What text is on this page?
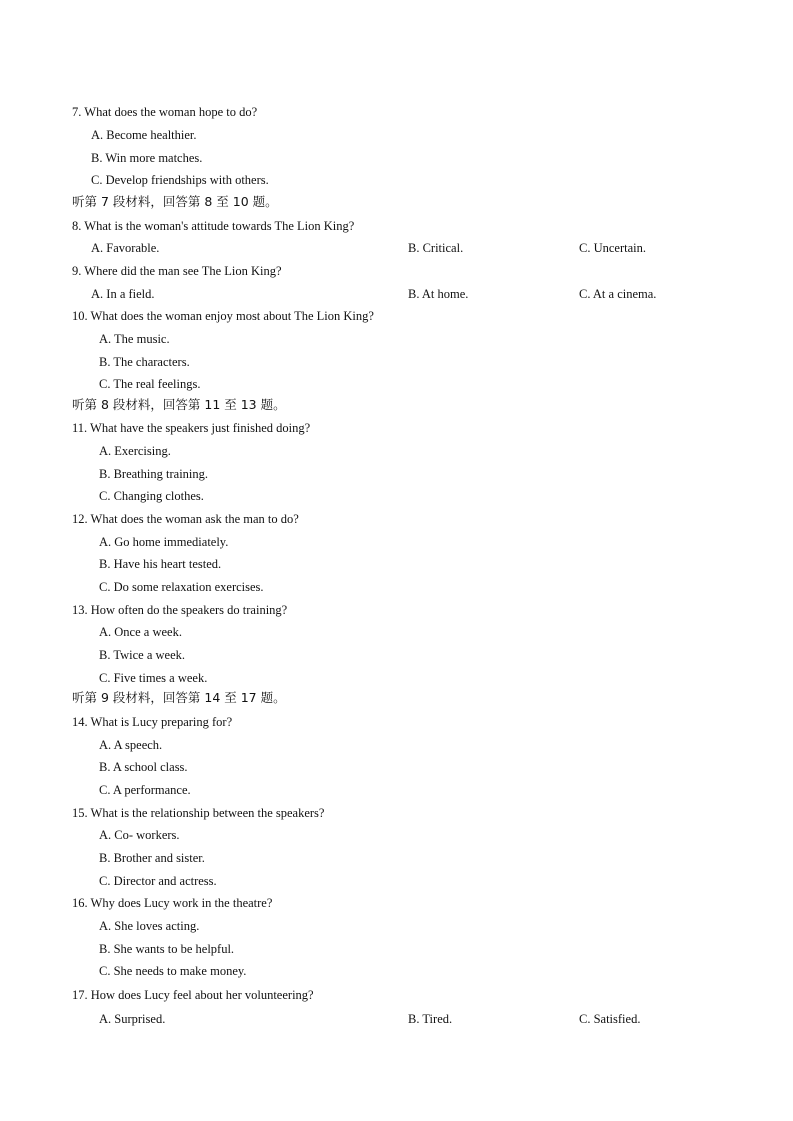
7. What does the woman hope to do?
A. Become healthier.
B. Win more matches.
C. Develop friendships with others.
听第 7 段材料，回答第 8 至 10 题。
8. What is the woman's attitude towards The Lion King?
A. Favorable.	B. Critical.	C. Uncertain.
9. Where did the man see The Lion King?
A. In a field.	B. At home.	C. At a cinema.
10. What does the woman enjoy most about The Lion King?
A. The music.
B. The characters.
C. The real feelings.
听第 8 段材料，回答第 11 至 13 题。
11. What have the speakers just finished doing?
A. Exercising.
B. Breathing training.
C. Changing clothes.
12. What does the woman ask the man to do?
A. Go home immediately.
B. Have his heart tested.
C. Do some relaxation exercises.
13. How often do the speakers do training?
A. Once a week.
B. Twice a week.
C. Five times a week.
听第 9 段材料，回答第 14 至 17 题。
14. What is Lucy preparing for?
A. A speech.
B. A school class.
C. A performance.
15. What is the relationship between the speakers?
A. Co- workers.
B. Brother and sister.
C. Director and actress.
16. Why does Lucy work in the theatre?
A. She loves acting.
B. She wants to be helpful.
C. She needs to make money.
17. How does Lucy feel about her volunteering?
A. Surprised.	B. Tired.	C. Satisfied.
